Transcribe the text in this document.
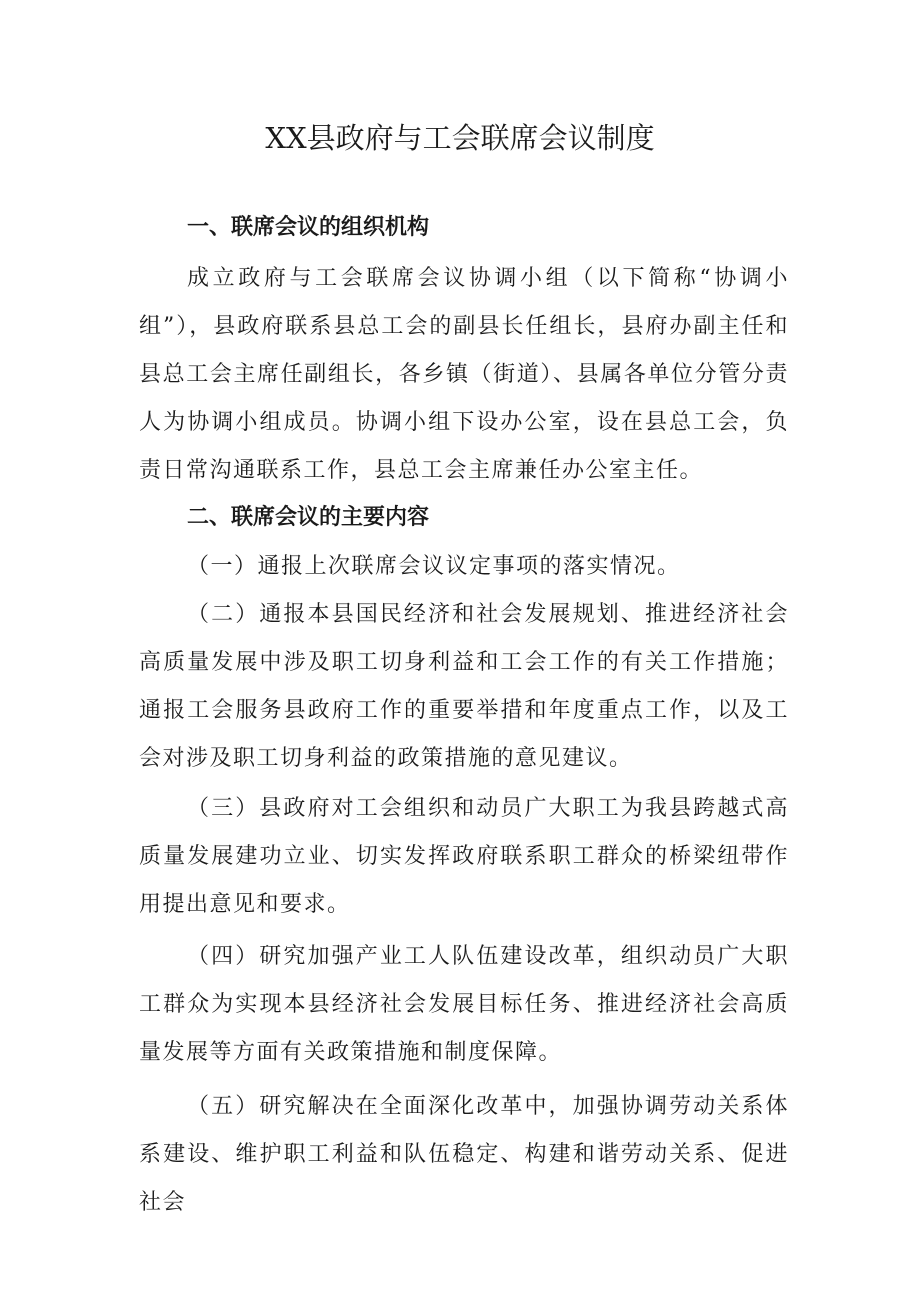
XX县政府与工会联席会议制度
一、联席会议的组织机构

成立政府与工会联席会议协调小组（以下简称“协调小组”），县政府联系县总工会的副县长任组长，县府办副主任和县总工会主席任副组长，各乡镇（街道）、县属各单位分管分责人为协调小组成员。协调小组下设办公室，设在县总工会，负责日常沟通联系工作，县总工会主席兼任办公室主任。

二、联席会议的主要内容

（一）通报上次联席会议议定事项的落实情况。

（二）通报本县国民经济和社会发展规划、推进经济社会高质量发展中涉及职工切身利益和工会工作的有关工作措施；通报工会服务县政府工作的重要举措和年度重点工作，以及工会对涉及职工切身利益的政策措施的意见建议。

（三）县政府对工会组织和动员广大职工为我县跨越式高质量发展建功立业、切实发挥政府联系职工群众的桥梁纽带作用提出意见和要求。

（四）研究加强产业工人队伍建设改革，组织动员广大职工群众为实现本县经济社会发展目标任务、推进经济社会高质量发展等方面有关政策措施和制度保障。

（五）研究解决在全面深化改革中，加强协调劳动关系体系建设、维护职工利益和队伍稳定、构建和谐劳动关系、促进社会
